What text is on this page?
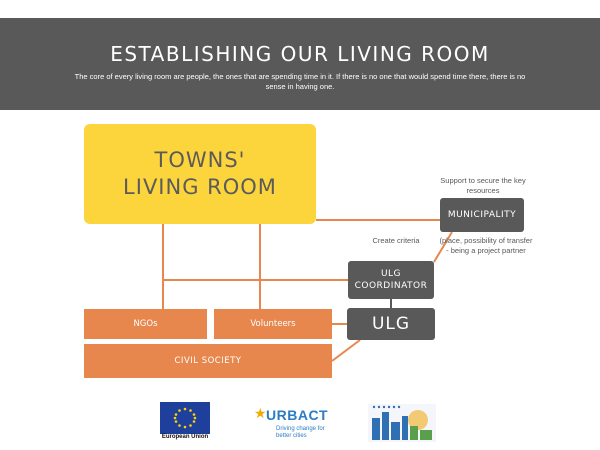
ESTABLISHING OUR LIVING ROOM
The core of every living room are people, the ones that are spending time in it. If there is no one that would spend time there, there is no sense in having one.
TOWNS'
LIVING ROOM	Support to secure the key resources
MUNICIPALITY
Create criteria	(place, possibility of transfer - being a project partner
ULG
COORDINATOR
ULG
NGOs	Volunteers
CIVIL SOCIETY
European Union
★ URBACT
Driving change for better cities
